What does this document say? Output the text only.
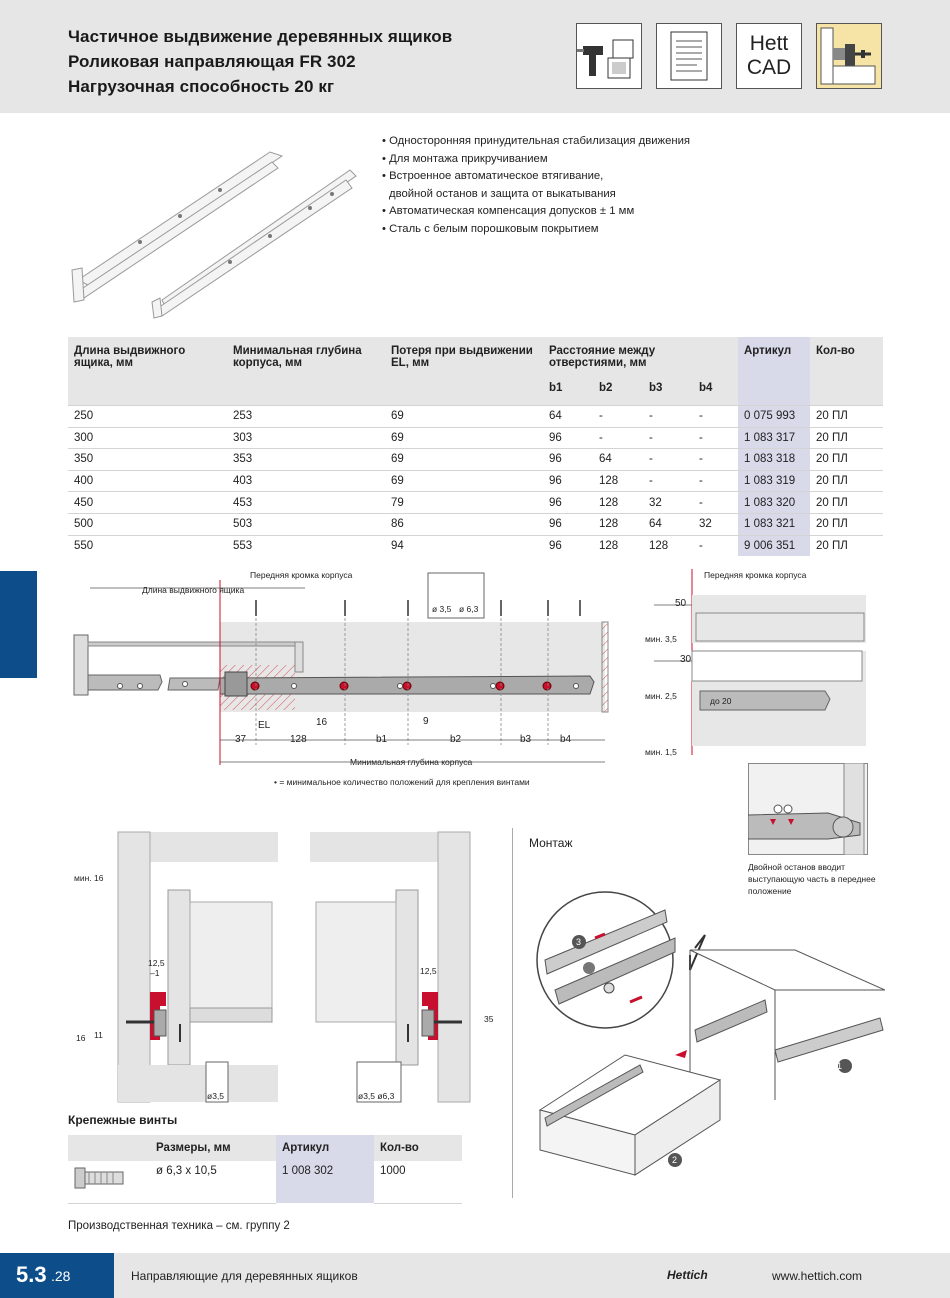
Частичное выдвижение деревянных ящиков
Роликовая направляющая FR 302
Нагрузочная способность 20 кг
Hett
CAD
• Односторонняя принудительная стабилизация движения
• Для монтажа прикручиванием
• Встроенное автоматическое втягивание,
двойной останов и защита от выкатывания
• Автоматическая компенсация допусков ± 1 мм
• Сталь с белым порошковым покрытием
Длина выдвижного ящика, мм	Минимальная глубина корпуса, мм	Потеря при выдвижении EL, мм	Расстояние между отверстиями, мм				Артикул	Кол-во
			b1	b2	b3	b4		
250	253	69	64	-	-	-	0 075 993	20 ПЛ
300	303	69	96	-	-	-	1 083 317	20 ПЛ
350	353	69	96	64	-	-	1 083 318	20 ПЛ
400	403	69	96	128	-	-	1 083 319	20 ПЛ
450	453	79	96	128	32	-	1 083 320	20 ПЛ
500	503	86	96	128	64	32	1 083 321	20 ПЛ
550	553	94	96	128	128	-	9 006 351	20 ПЛ
Длина выдвижного ящика
Передняя кромка корпуса
ø 3,5 ø 6,3
EL	16	9
37	128	b1	b2	b3	b4
Минимальная глубина корпуса
• = минимальное количество положений для крепления винтами
Передняя кромка корпуса
50
мин. 3,5
30
мин. 2,5	до 20
мин. 1,5
Двойной останов вводит выступающую часть в переднее положение
мин. 16
12,5
–1
16 11
ø3,5
12,5
35
ø3,5 ø6,3
Монтаж
1
2
3
Крепежные винты
	Размеры, мм	Артикул	Кол-во
	ø 6,3 x 10,5	1 008 302	1000
Производственная техника – см. группу 2
5.3 .28	Направляющие для деревянных ящиков	Hettich	www.hettich.com
